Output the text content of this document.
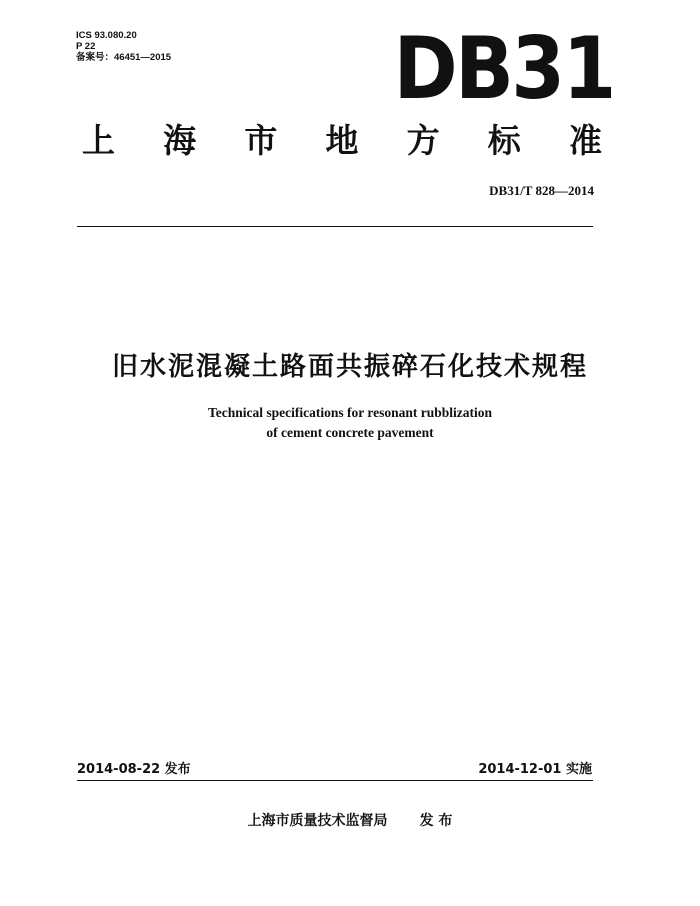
ICS 93.080.20
P 22
备案号：46451—2015	DB31
上 海 市 地 方 标 准
DB31/T 828—2014
旧水泥混凝土路面共振碎石化技术规程
Technical specifications for resonant rubblization
of cement concrete pavement
2014-08-22 发布	2014-12-01 实施
上海市质量技术监督局 发 布
